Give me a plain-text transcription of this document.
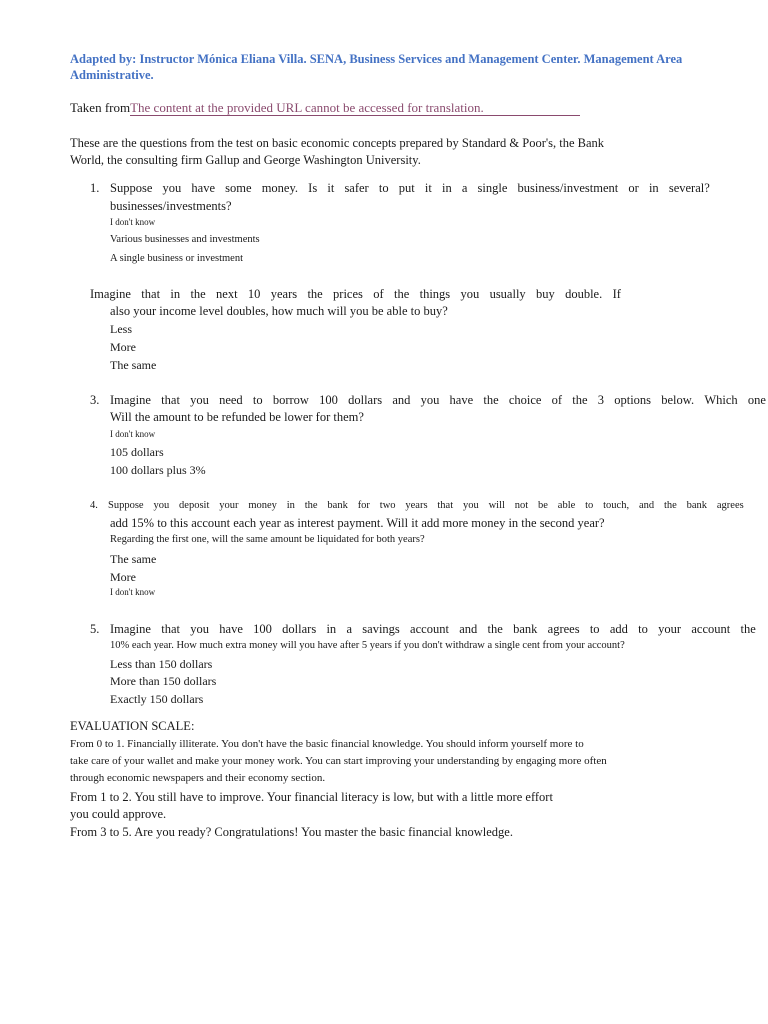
Adapted by: Instructor Mónica Eliana Villa. SENA, Business Services and Management Center. Management Area
Administrative.
Taken fromThe content at the provided URL cannot be accessed for translation.
These are the questions from the test on basic economic concepts prepared by Standard & Poor's, the Bank
World, the consulting firm Gallup and George Washington University.
1. Suppose you have some money. Is it safer to put it in a single business/investment or in several?
businesses/investments?
I don't know
Various businesses and investments
A single business or investment
Imagine that in the next 10 years the prices of the things you usually buy double. If
also your income level doubles, how much will you be able to buy?
Less
More
The same
3. Imagine that you need to borrow 100 dollars and you have the choice of the 3 options below. Which one
Will the amount to be refunded be lower for them?
I don't know
105 dollars
100 dollars plus 3%
4. Suppose you deposit your money in the bank for two years that you will not be able to touch, and the bank agrees
add 15% to this account each year as interest payment. Will it add more money in the second year?
Regarding the first one, will the same amount be liquidated for both years?
The same
More
I don't know
5. Imagine that you have 100 dollars in a savings account and the bank agrees to add to your account the
10% each year. How much extra money will you have after 5 years if you don't withdraw a single cent from your account?
Less than 150 dollars
More than 150 dollars
Exactly 150 dollars
EVALUATION SCALE:
From 0 to 1. Financially illiterate. You don't have the basic financial knowledge. You should inform yourself more to
take care of your wallet and make your money work. You can start improving your understanding by engaging more often
through economic newspapers and their economy section.
From 1 to 2. You still have to improve. Your financial literacy is low, but with a little more effort
you could approve.
From 3 to 5. Are you ready? Congratulations! You master the basic financial knowledge.
